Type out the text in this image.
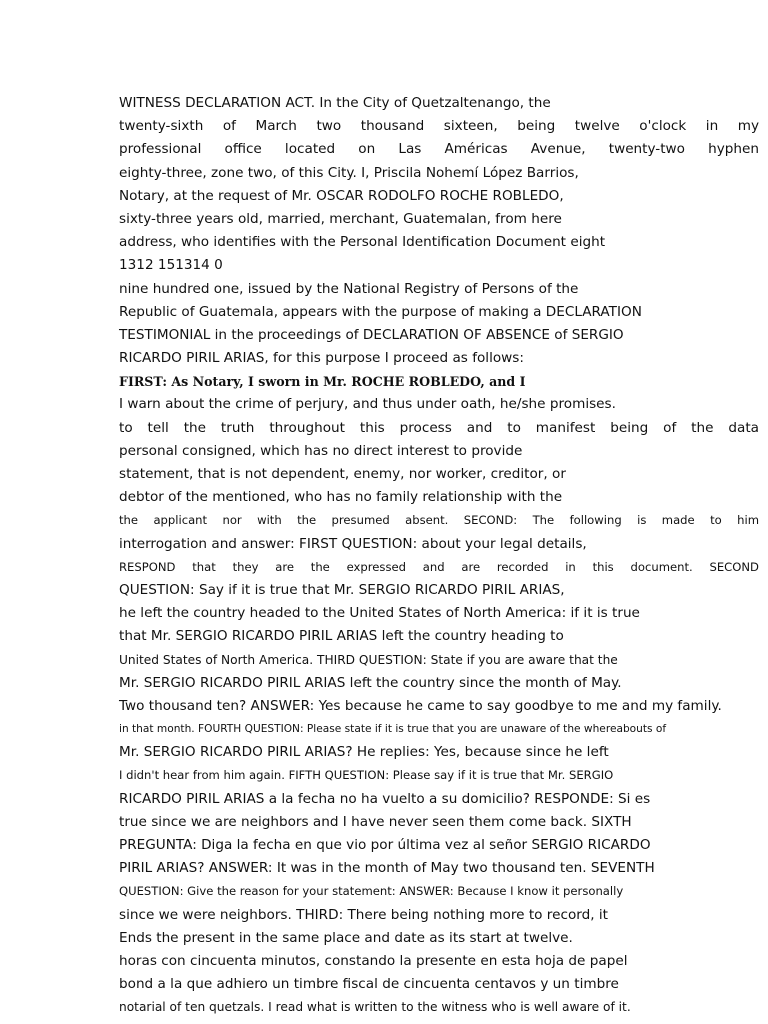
WITNESS DECLARATION ACT. In the City of Quetzaltenango, the
twenty-sixth of March two thousand sixteen, being twelve o'clock in my
professional office located on Las Américas Avenue, twenty-two hyphen
eighty-three, zone two, of this City. I, Priscila Nohemí López Barrios,
Notary, at the request of Mr. OSCAR RODOLFO ROCHE ROBLEDO,
sixty-three years old, married, merchant, Guatemalan, from here
address, who identifies with the Personal Identification Document eight
1312 151314 0
nine hundred one, issued by the National Registry of Persons of the
Republic of Guatemala, appears with the purpose of making a DECLARATION
TESTIMONIAL in the proceedings of DECLARATION OF ABSENCE of SERGIO
RICARDO PIRIL ARIAS, for this purpose I proceed as follows:
FIRST: As Notary, I sworn in Mr. ROCHE ROBLEDO, and I
I warn about the crime of perjury, and thus under oath, he/she promises.
to tell the truth throughout this process and to manifest being of the data
personal consigned, which has no direct interest to provide
statement, that is not dependent, enemy, nor worker, creditor, or
debtor of the mentioned, who has no family relationship with the
the applicant nor with the presumed absent. SECOND: The following is made to him
interrogation and answer: FIRST QUESTION: about your legal details,
RESPOND that they are the expressed and are recorded in this document. SECOND
QUESTION: Say if it is true that Mr. SERGIO RICARDO PIRIL ARIAS,
he left the country headed to the United States of North America: if it is true
that Mr. SERGIO RICARDO PIRIL ARIAS left the country heading to
United States of North America. THIRD QUESTION: State if you are aware that the
Mr. SERGIO RICARDO PIRIL ARIAS left the country since the month of May.
Two thousand ten? ANSWER: Yes because he came to say goodbye to me and my family.
in that month. FOURTH QUESTION: Please state if it is true that you are unaware of the whereabouts of
Mr. SERGIO RICARDO PIRIL ARIAS? He replies: Yes, because since he left
I didn't hear from him again. FIFTH QUESTION: Please say if it is true that Mr. SERGIO
RICARDO PIRIL ARIAS a la fecha no ha vuelto a su domicilio? RESPONDE: Si es
true since we are neighbors and I have never seen them come back. SIXTH
PREGUNTA: Diga la fecha en que vio por última vez al señor SERGIO RICARDO
PIRIL ARIAS? ANSWER: It was in the month of May two thousand ten. SEVENTH
QUESTION: Give the reason for your statement: ANSWER: Because I know it personally
since we were neighbors. THIRD: There being nothing more to record, it
Ends the present in the same place and date as its start at twelve.
horas con cincuenta minutos, constando la presente en esta hoja de papel
bond a la que adhiero un timbre fiscal de cincuenta centavos y un timbre
notarial of ten quetzals. I read what is written to the witness who is well aware of it.
